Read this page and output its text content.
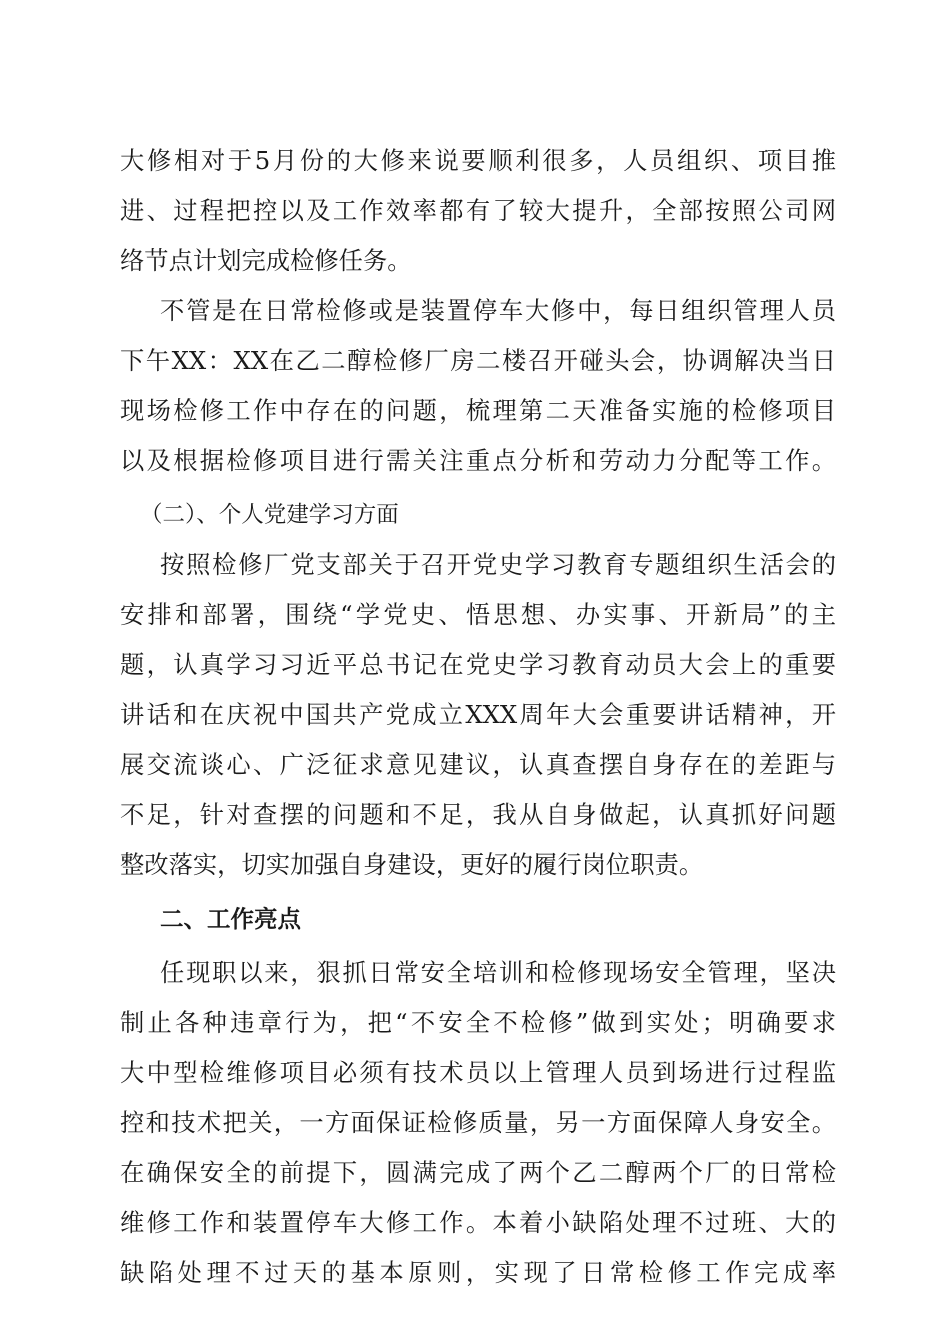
大修相对于5月份的大修来说要顺利很多，人员组织、项目推
进、过程把控以及工作效率都有了较大提升，全部按照公司网
络节点计划完成检修任务。
不管是在日常检修或是装置停车大修中，每日组织管理人员
下午XX：XX在乙二醇检修厂房二楼召开碰头会，协调解决当日
现场检修工作中存在的问题，梳理第二天准备实施的检修项目
以及根据检修项目进行需关注重点分析和劳动力分配等工作。
（二）、个人党建学习方面
按照检修厂党支部关于召开党史学习教育专题组织生活会的
安排和部署，围绕“学党史、悟思想、办实事、开新局”的主
题，认真学习习近平总书记在党史学习教育动员大会上的重要
讲话和在庆祝中国共产党成立XXX周年大会重要讲话精神，开
展交流谈心、广泛征求意见建议，认真查摆自身存在的差距与
不足，针对查摆的问题和不足，我从自身做起，认真抓好问题
整改落实，切实加强自身建设，更好的履行岗位职责。
二、工作亮点
任现职以来，狠抓日常安全培训和检修现场安全管理，坚决
制止各种违章行为，把“不安全不检修”做到实处；明确要求
大中型检维修项目必须有技术员以上管理人员到场进行过程监
控和技术把关，一方面保证检修质量，另一方面保障人身安全。
在确保安全的前提下，圆满完成了两个乙二醇两个厂的日常检
维修工作和装置停车大修工作。本着小缺陷处理不过班、大的
缺陷处理不过天的基本原则，实现了日常检修工作完成率
